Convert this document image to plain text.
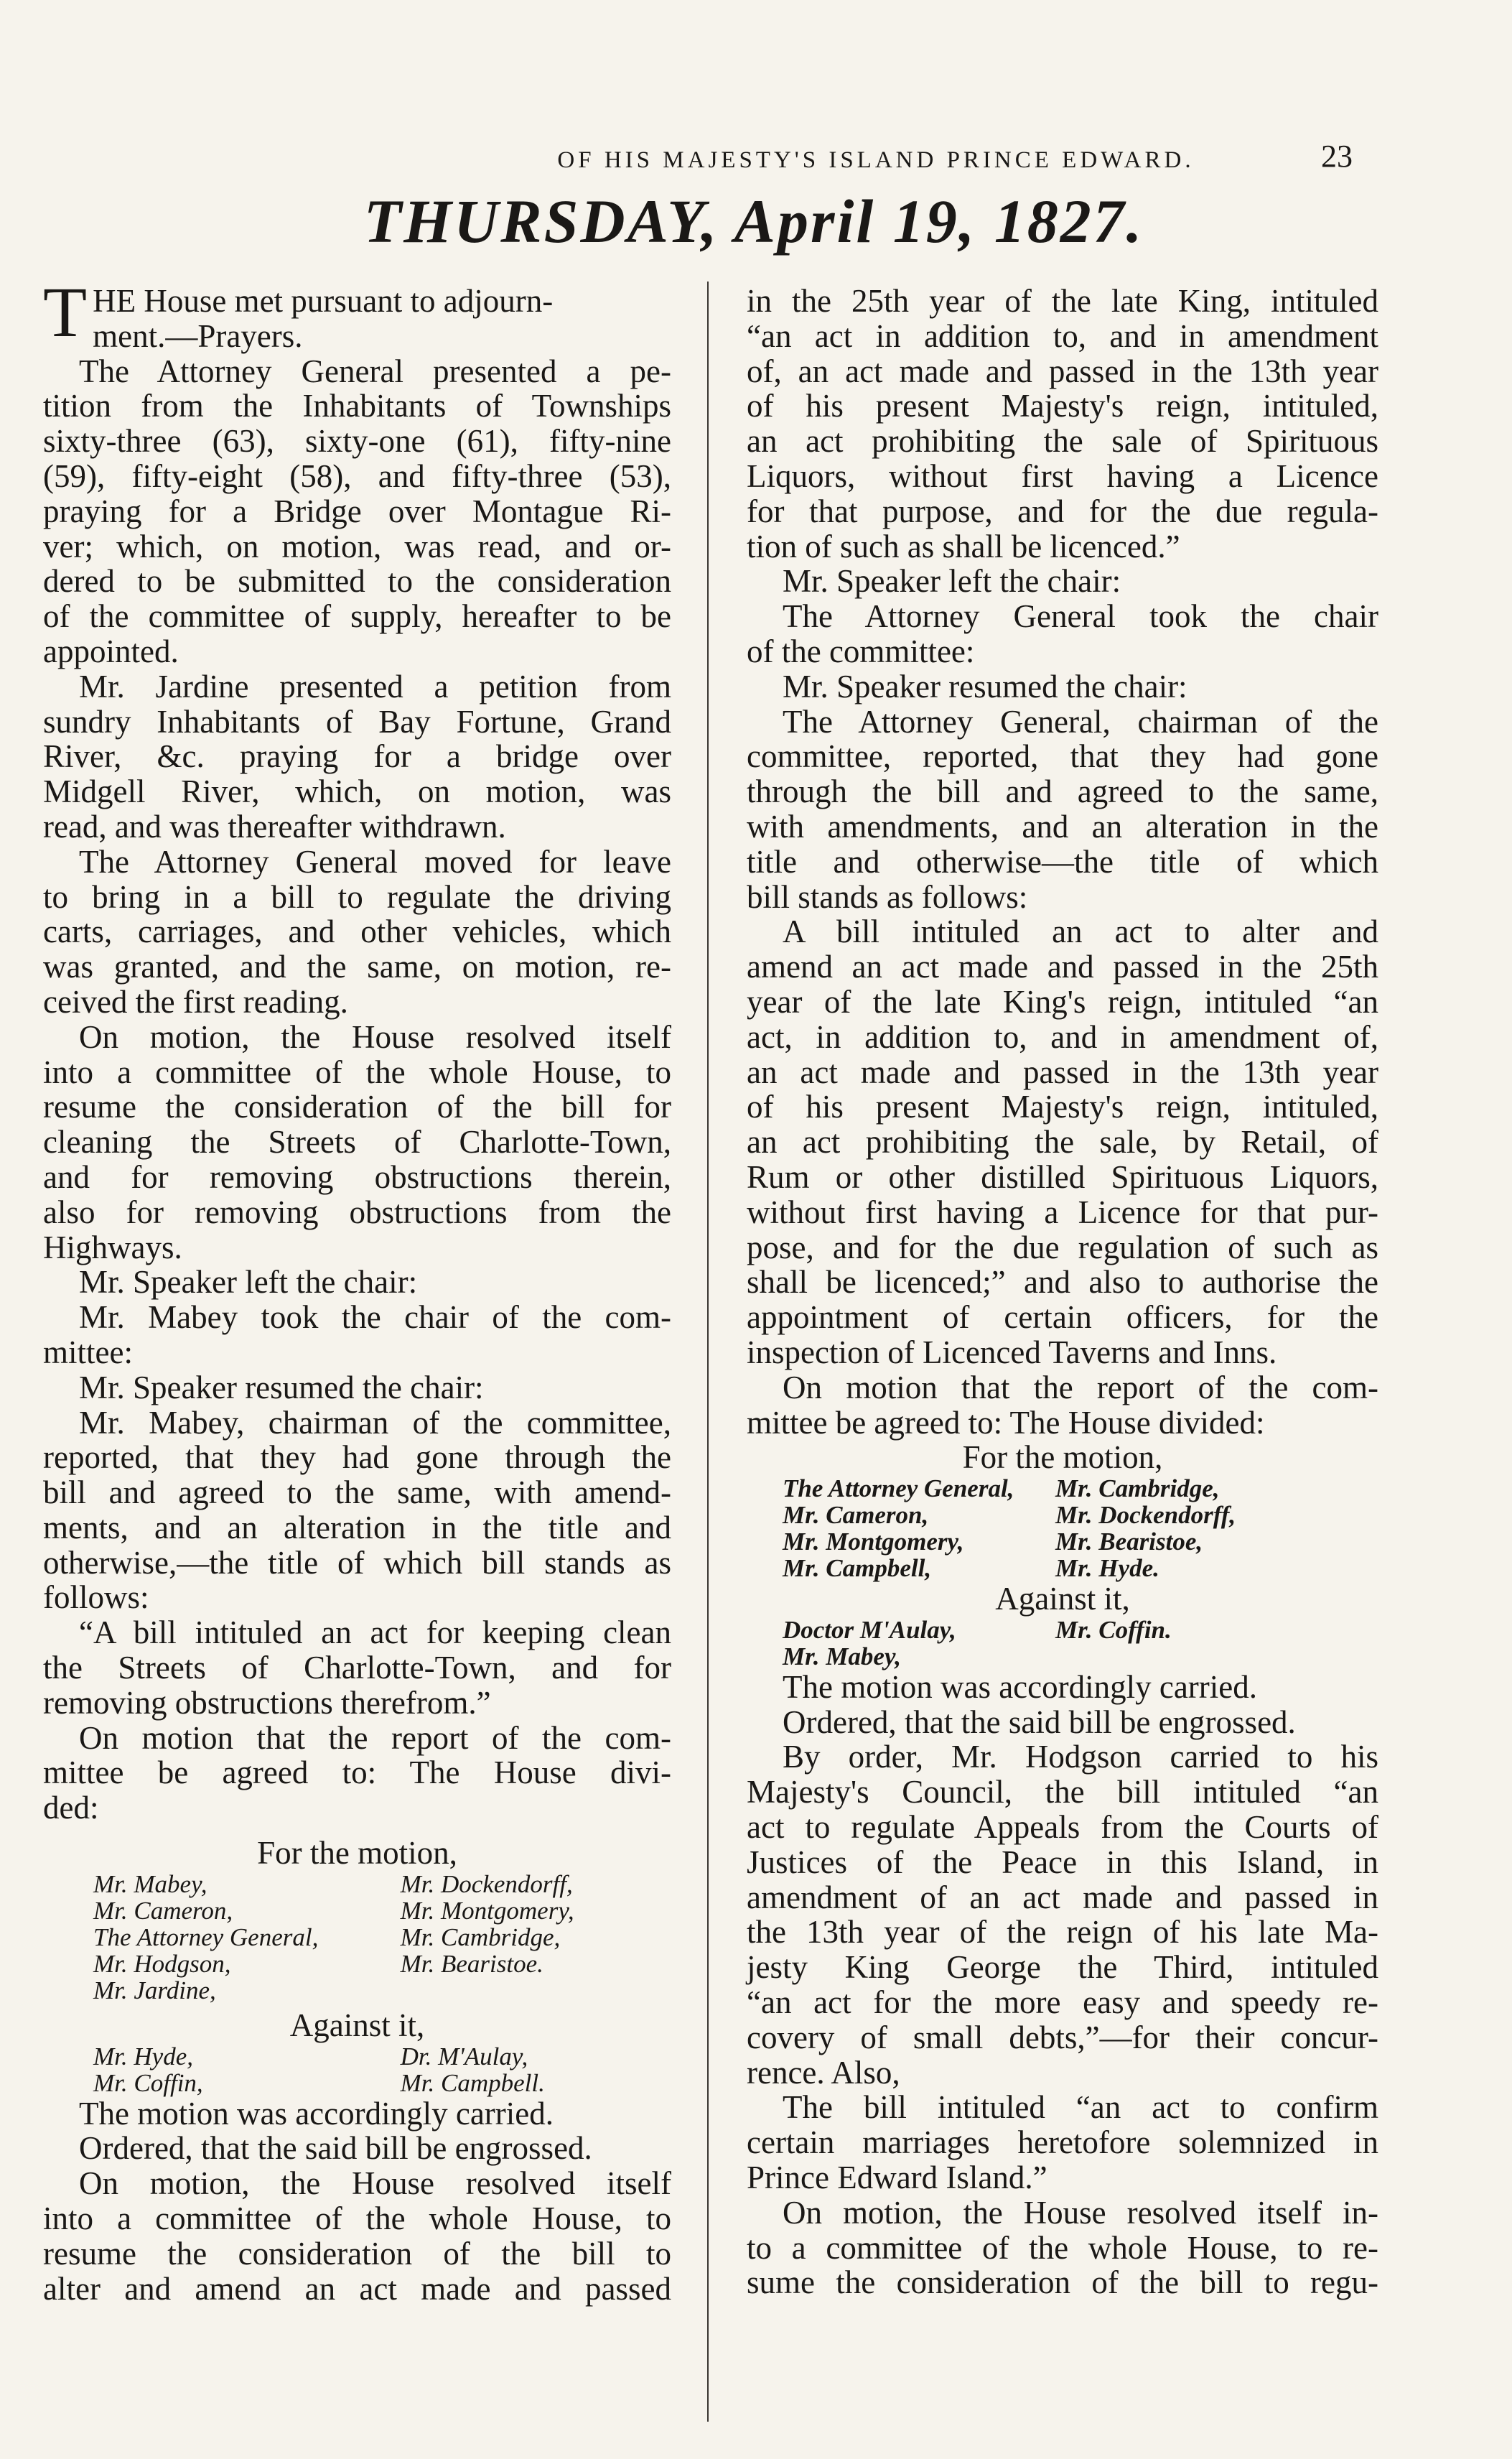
OF HIS MAJESTY'S ISLAND PRINCE EDWARD.	23
THURSDAY, April 19, 1827.
T HE House met pursuant to adjourn-
ment.—Prayers.
The Attorney General presented a pe-
tition from the Inhabitants of Townships
sixty-three (63), sixty-one (61), fifty-nine
(59), fifty-eight (58), and fifty-three (53),
praying for a Bridge over Montague Ri-
ver; which, on motion, was read, and or-
dered to be submitted to the consideration
of the committee of supply, hereafter to be
appointed.
Mr. Jardine presented a petition from
sundry Inhabitants of Bay Fortune, Grand
River, &c. praying for a bridge over
Midgell River, which, on motion, was
read, and was thereafter withdrawn.
The Attorney General moved for leave
to bring in a bill to regulate the driving
carts, carriages, and other vehicles, which
was granted, and the same, on motion, re-
ceived the first reading.
On motion, the House resolved itself
into a committee of the whole House, to
resume the consideration of the bill for
cleaning the Streets of Charlotte-Town,
and for removing obstructions therein,
also for removing obstructions from the
Highways.
Mr. Speaker left the chair:
Mr. Mabey took the chair of the com-
mittee:
Mr. Speaker resumed the chair:
Mr. Mabey, chairman of the committee,
reported, that they had gone through the
bill and agreed to the same, with amend-
ments, and an alteration in the title and
otherwise,—the title of which bill stands as
follows:
“A bill intituled an act for keeping clean
the Streets of Charlotte-Town, and for
removing obstructions therefrom.”
On motion that the report of the com-
mittee be agreed to: The House divi-
ded:
For the motion,
Mr. Mabey,	Mr. Dockendorff,
Mr. Cameron,	Mr. Montgomery,
The Attorney General,	Mr. Cambridge,
Mr. Hodgson,	Mr. Bearistoe.
Mr. Jardine,
Against it,
Mr. Hyde,	Dr. M'Aulay,
Mr. Coffin,	Mr. Campbell.
The motion was accordingly carried.
Ordered, that the said bill be engrossed.
On motion, the House resolved itself
into a committee of the whole House, to
resume the consideration of the bill to
alter and amend an act made and passed
in the 25th year of the late King, intituled
“an act in addition to, and in amendment
of, an act made and passed in the 13th year
of his present Majesty's reign, intituled,
an act prohibiting the sale of Spirituous
Liquors, without first having a Licence
for that purpose, and for the due regula-
tion of such as shall be licenced.”
Mr. Speaker left the chair:
The Attorney General took the chair
of the committee:
Mr. Speaker resumed the chair:
The Attorney General, chairman of the
committee, reported, that they had gone
through the bill and agreed to the same,
with amendments, and an alteration in the
title and otherwise—the title of which
bill stands as follows:
A bill intituled an act to alter and
amend an act made and passed in the 25th
year of the late King's reign, intituled “an
act, in addition to, and in amendment of,
an act made and passed in the 13th year
of his present Majesty's reign, intituled,
an act prohibiting the sale, by Retail, of
Rum or other distilled Spirituous Liquors,
without first having a Licence for that pur-
pose, and for the due regulation of such as
shall be licenced;” and also to authorise the
appointment of certain officers, for the
inspection of Licenced Taverns and Inns.
On motion that the report of the com-
mittee be agreed to: The House divided:
For the motion,
The Attorney General,	Mr. Cambridge,
Mr. Cameron,	Mr. Dockendorff,
Mr. Montgomery,	Mr. Bearistoe,
Mr. Campbell,	Mr. Hyde.
Against it,
Doctor M'Aulay,	Mr. Coffin.
Mr. Mabey,
The motion was accordingly carried.
Ordered, that the said bill be engrossed.
By order, Mr. Hodgson carried to his
Majesty's Council, the bill intituled “an
act to regulate Appeals from the Courts of
Justices of the Peace in this Island, in
amendment of an act made and passed in
the 13th year of the reign of his late Ma-
jesty King George the Third, intituled
“an act for the more easy and speedy re-
covery of small debts,”—for their concur-
rence. Also,
The bill intituled “an act to confirm
certain marriages heretofore solemnized in
Prince Edward Island.”
On motion, the House resolved itself in-
to a committee of the whole House, to re-
sume the consideration of the bill to regu-
